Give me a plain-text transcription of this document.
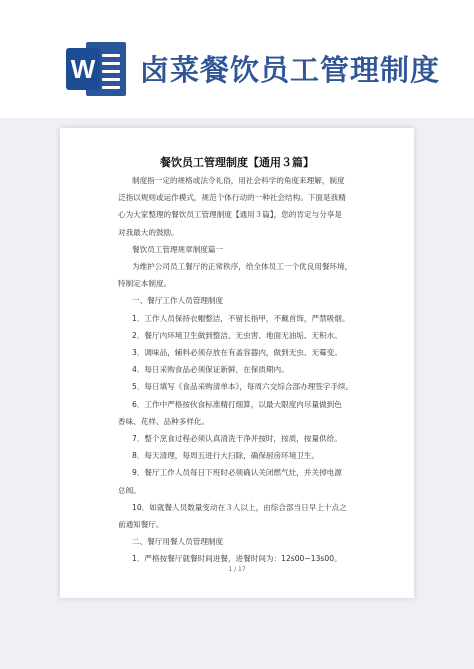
W 卤菜餐饮员工管理制度
餐饮员工管理制度【通用３篇】
制度指一定的规格或法令礼俗，用社会科学的角度来理解，制度
泛指以规则或运作模式，规范个体行动的一种社会结构。下面是我精
心为大家整理的餐饮员工管理制度【通用３篇】，您的肯定与分享是
对我最大的鼓励。
餐饮员工管理规章制度篇一
为维护公司员工餐厅的正常秩序，给全体员工一个优良用餐环境，
特制定本制度。
一、餐厅工作人员管理制度
1．工作人员保持衣帽整洁，不留长指甲，不戴首饰，严禁吸烟。
2．餐厅内环境卫生做到整洁、无虫害、地面无油垢、无积水。
3．调味品，辅料必须存放在有盖容器内，做到无虫、无霉变。
4．每日采购食品必须保证新鲜，在保质期内。
5．每日填写《食品采购清单本》，每周六交综合部办理签字手续。
6．工作中严格按伙食标准精打细算，以最大限度内尽量做到色
香味、花样、品种多样化。
7．整个烹食过程必须认真清洗干净并按时，按质，按量供给。
8．每天清理，每周五进行大扫除，确保厨房环境卫生。
9．餐厅工作人员每日下班时必须确认关闭燃气灶，并关掉电源
总阀。
10．如就餐人员数量变动在３人以上，由综合部当日早上十点之
前通知餐厅。
二、餐厅用餐人员管理制度
1．严格按餐厅就餐时间进餐，进餐时间为：12s00~13s00。
1 / 17
